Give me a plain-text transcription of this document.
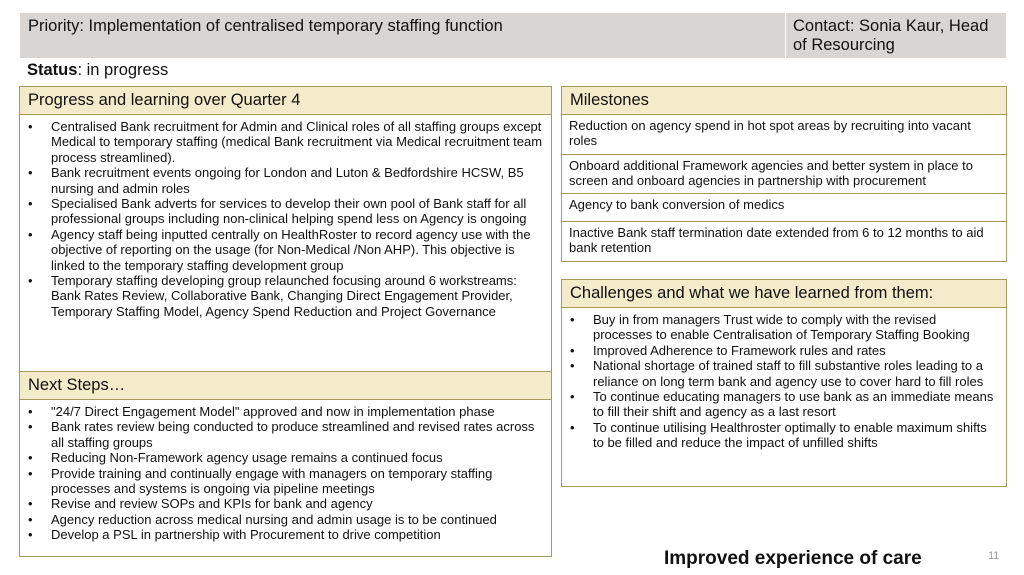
Priority: Implementation of centralised temporary staffing function	Contact: Sonia Kaur, Head of Resourcing
Status: in progress
Progress and learning over Quarter 4
• Centralised Bank recruitment for Admin and Clinical roles of all staffing groups except Medical to temporary staffing (medical Bank recruitment via Medical recruitment team process streamlined).
• Bank recruitment events ongoing for London and Luton & Bedfordshire HCSW, B5 nursing and admin roles
• Specialised Bank adverts for services to develop their own pool of Bank staff for all professional groups including non-clinical helping spend less on Agency is ongoing
• Agency staff being inputted centrally on HealthRoster to record agency use with the objective of reporting on the usage (for Non-Medical /Non AHP). This objective is linked to the temporary staffing development group
• Temporary staffing developing group relaunched focusing around 6 workstreams: Bank Rates Review, Collaborative Bank, Changing Direct Engagement Provider, Temporary Staffing Model, Agency Spend Reduction and Project Governance
Next Steps…
• "24/7 Direct Engagement Model" approved and now in implementation phase
• Bank rates review being conducted to produce streamlined and revised rates across all staffing groups
• Reducing Non-Framework agency usage remains a continued focus
• Provide training and continually engage with managers on temporary staffing processes and systems is ongoing via pipeline meetings
• Revise and review SOPs and KPIs for bank and agency
• Agency reduction across medical nursing and admin usage is to be continued
• Develop a PSL in partnership with Procurement to drive competition
Milestones
Reduction on agency spend in hot spot areas by recruiting into vacant roles
Onboard additional Framework agencies and better system in place to screen and onboard agencies in partnership with procurement
Agency to bank conversion of medics
Inactive Bank staff termination date extended from 6 to 12 months to aid bank retention
Challenges and what we have learned from them:
• Buy in from managers Trust wide to comply with the revised processes to enable Centralisation of Temporary Staffing Booking
• Improved Adherence to Framework rules and rates
• National shortage of trained staff to fill substantive roles leading to a reliance on long term bank and agency use to cover hard to fill roles
• To continue educating managers to use bank as an immediate means to fill their shift and agency as a last resort
• To continue utilising Healthroster optimally to enable maximum shifts to be filled and reduce the impact of unfilled shifts
Improved experience of care	11
